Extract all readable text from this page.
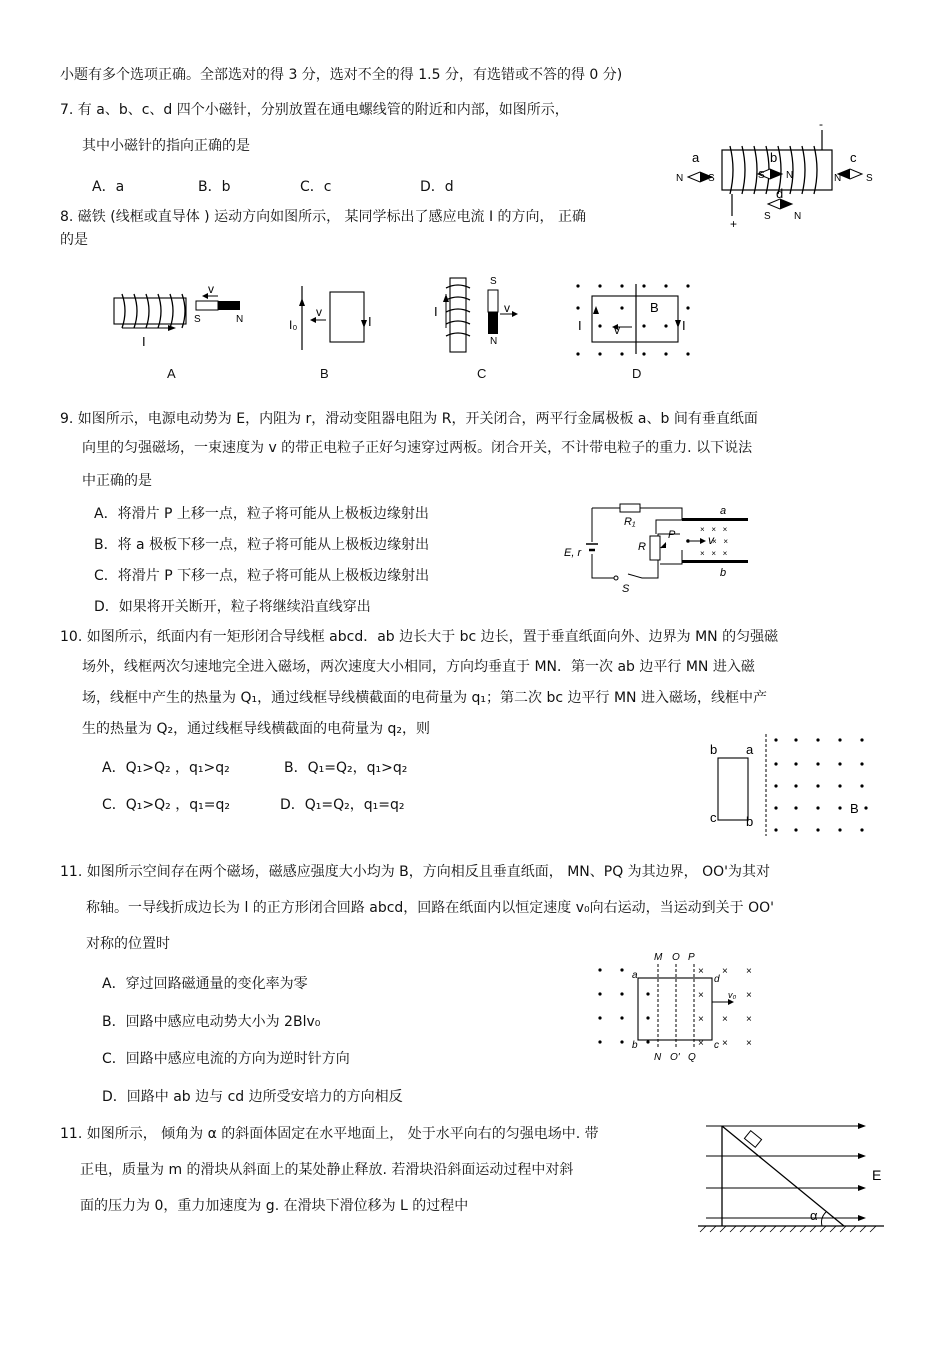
小题有多个选项正确。全部选对的得 3 分，选对不全的得 1.5 分，有选错或不答的得 0 分)
7. 有 a、b、c、d 四个小磁针，分别放置在通电螺线管的附近和内部，如图所示，
其中小磁针的指向正确的是
A．a	B．b	C．c	D．d
-
+
a
N S
b
S N
c
N S
d
S N
8. 磁铁 (线框或直导体 ) 运动方向如图所示， 某同学标出了感应电流 I 的方向， 正确
的是
v
S	N
I
A
v
I₀	I
B
v
S
N
I
C
v
B
I	I
D
9. 如图所示，电源电动势为 E，内阻为 r，滑动变阻器电阻为 R，开关闭合，两平行金属极板 a、b 间有垂直纸面
向里的匀强磁场，一束速度为 v 的带正电粒子正好匀速穿过两板。闭合开关，不计带电粒子的重力. 以下说法
中正确的是
A．将滑片 P 上移一点，粒子将可能从上极板边缘射出
B．将 a 极板下移一点，粒子将可能从上极板边缘射出
C．将滑片 P 下移一点，粒子将可能从上极板边缘射出
D．如果将开关断开，粒子将继续沿直线穿出
R₁
P
R
E, r
S
a
b
×   ×   ×
×   ×
×   ×   ×
v
10. 如图所示，纸面内有一矩形闭合导线框 abcd．ab 边长大于 bc 边长，置于垂直纸面向外、边界为 MN 的匀强磁
场外，线框两次匀速地完全进入磁场，两次速度大小相同，方向均垂直于 MN．第一次 ab 边平行 MN 进入磁
场，线框中产生的热量为 Q₁，通过线框导线横截面的电荷量为 q₁；第二次 bc 边平行 MN 进入磁场，线框中产
生的热量为 Q₂，通过线框导线横截面的电荷量为 q₂，则
A．Q₁>Q₂ ，q₁>q₂	B．Q₁=Q₂，q₁>q₂
C．Q₁>Q₂ ，q₁=q₂	D．Q₁=Q₂，q₁=q₂
b a
c b
B
11. 如图所示空间存在两个磁场，磁感应强度大小均为 B，方向相反且垂直纸面， MN、PQ 为其边界， OO'为其对
称轴。一导线折成边长为 l 的正方形闭合回路 abcd，回路在纸面内以恒定速度 v₀向右运动，当运动到关于 OO'
对称的位置时
A．穿过回路磁通量的变化率为零
B．回路中感应电动势大小为 2Blv₀
C．回路中感应电流的方向为逆时针方向
D．回路中 ab 边与 cd 边所受安培力的方向相反
M O P
N O' Q
a
b	c
d
v₀
× × ×
×	×
× × ×
× × ×
11. 如图所示， 倾角为 α 的斜面体固定在水平地面上， 处于水平向右的匀强电场中. 带
正电，质量为 m 的滑块从斜面上的某处静止释放. 若滑块沿斜面运动过程中对斜
面的压力为 0，重力加速度为 g. 在滑块下滑位移为 L 的过程中
E
α
